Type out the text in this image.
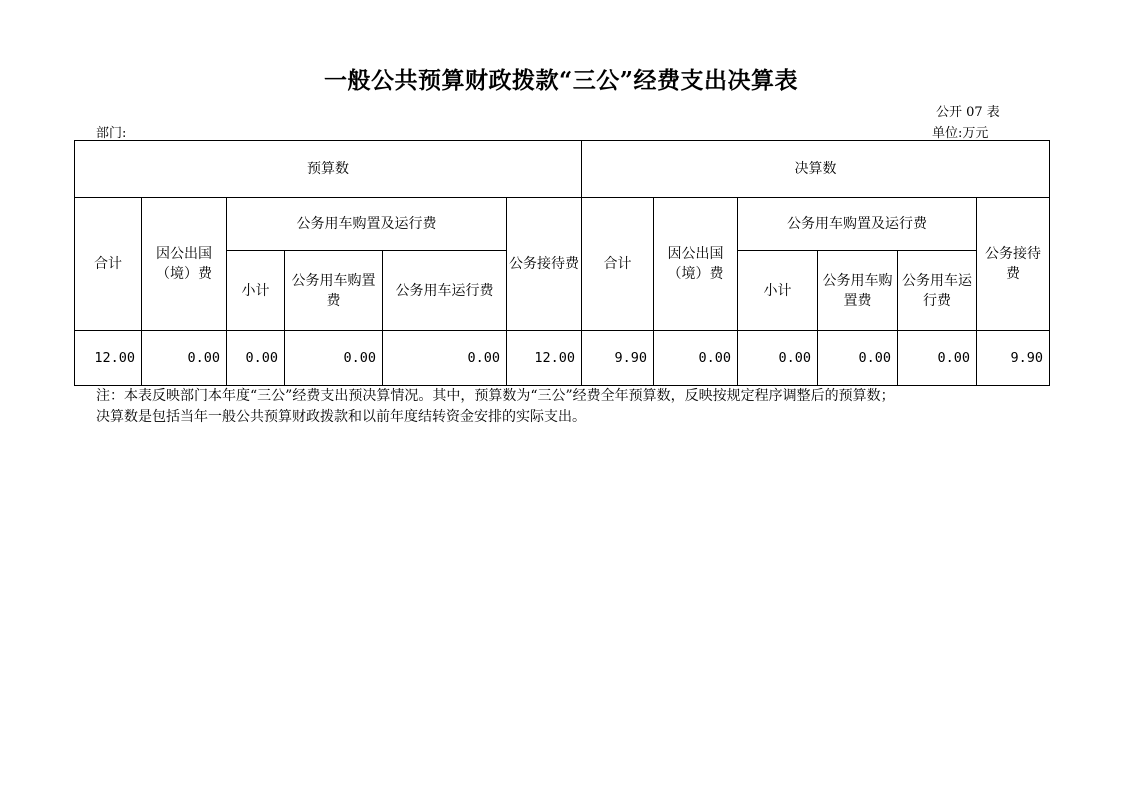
一般公共预算财政拨款“三公”经费支出决算表
公开 07 表
部门:	单位:万元
预算数						决算数					
合计	因公出国（境）费	公务用车购置及运行费			公务接待费	合计	因公出国（境）费	公务用车购置及运行费			公务接待费
		小计	公务用车购置费	公务用车运行费				小计	公务用车购置费	公务用车运行费	
12.00	0.00	0.00	0.00	0.00	12.00	9.90	0.00	0.00	0.00	0.00	9.90
注：本表反映部门本年度“三公”经费支出预决算情况。其中，预算数为“三公”经费全年预算数，反映按规定程序调整后的预算数；
决算数是包括当年一般公共预算财政拨款和以前年度结转资金安排的实际支出。
